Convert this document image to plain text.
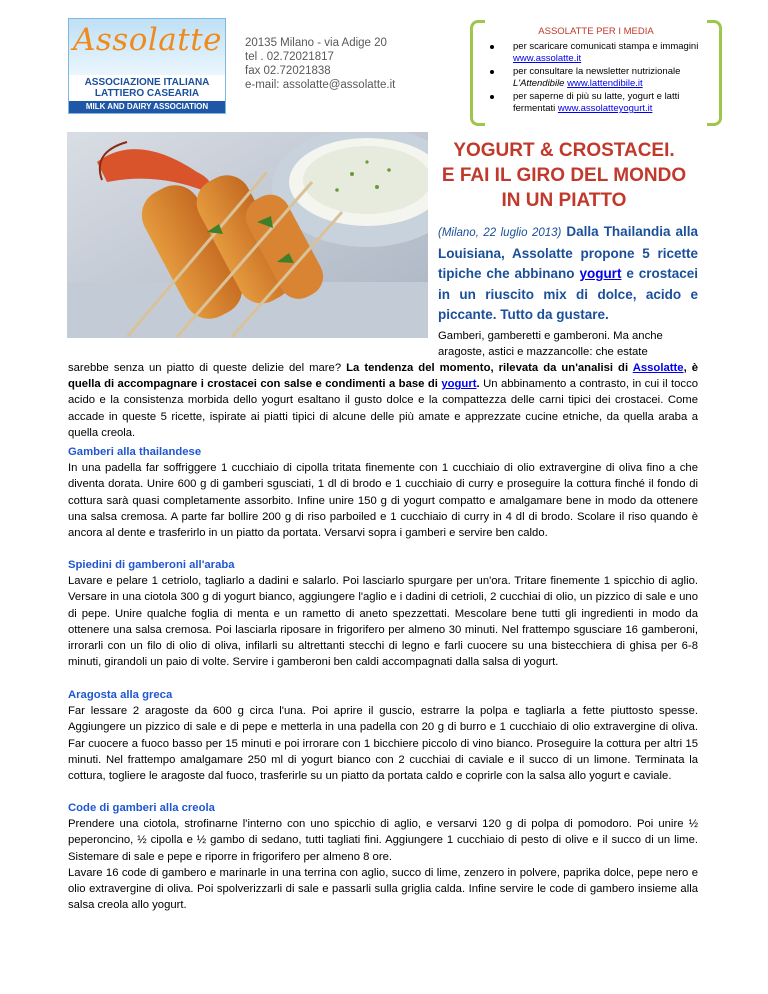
Assolatte
ASSOCIAZIONE ITALIANA
LATTIERO CASEARIA
MILK AND DAIRY ASSOCIATION
20135 Milano - via Adige 20
tel . 02.72021817
fax 02.72021838
e-mail: assolatte@assolatte.it
ASSOLATTE PER I MEDIA
per scaricare comunicati stampa e immagini www.assolatte.it
per consultare la newsletter nutrizionale L'Attendibile www.lattendibile.it
per saperne di più su latte, yogurt e latti fermentati www.assolatteyogurt.it
YOGURT & CROSTACEI.
E FAI IL GIRO DEL MONDO
IN UN PIATTO
(Milano, 22 luglio 2013) Dalla Thailandia alla Louisiana, Assolatte propone 5 ricette tipiche che abbinano yogurt e crostacei in un riuscito mix di dolce, acido e piccante. Tutto da gustare.
Gamberi, gamberetti e gamberoni. Ma anche
aragoste, astici e mazzancolle: che estate
sarebbe senza un piatto di queste delizie del mare? La tendenza del momento, rilevata da un'analisi di Assolatte, è quella di accompagnare i crostacei con salse e condimenti a base di yogurt. Un abbinamento a contrasto, in cui il tocco acido e la consistenza morbida dello yogurt esaltano il gusto dolce e la compattezza delle carni tipici dei crostacei. Come accade in queste 5 ricette, ispirate ai piatti tipici di alcune delle più amate e apprezzate cucine etniche, da quella araba a quella creola.
Gamberi alla thailandese
In una padella far soffriggere 1 cucchiaio di cipolla tritata finemente con 1 cucchiaio di olio extravergine di oliva fino a che diventa dorata. Unire 600 g di gamberi sgusciati, 1 dl di brodo e 1 cucchiaio di curry e proseguire la cottura finché il fondo di cottura sarà quasi completamente assorbito. Infine unire 150 g di yogurt compatto e amalgamare bene in modo da ottenere una salsa cremosa. A parte far bollire 200 g di riso parboiled e 1 cucchiaio di curry in 4 dl di brodo. Scolare il riso quando è ancora al dente e trasferirlo in un piatto da portata. Versarvi sopra i gamberi e servire ben caldo.
Spiedini di gamberoni all'araba
Lavare e pelare 1 cetriolo, tagliarlo a dadini e salarlo. Poi lasciarlo spurgare per un'ora. Tritare finemente 1 spicchio di aglio. Versare in una ciotola 300 g di yogurt bianco, aggiungere l'aglio e i dadini di cetrioli, 2 cucchiai di olio, un pizzico di sale e uno di pepe. Unire qualche foglia di menta e un rametto di aneto spezzettati. Mescolare bene tutti gli ingredienti in modo da ottenere una salsa cremosa. Poi lasciarla riposare in frigorifero per almeno 30 minuti. Nel frattempo sgusciare 16 gamberoni, irrorarli con un filo di olio di oliva, infilarli su altrettanti stecchi di legno e farli cuocere su una bistecchiera di ghisa per 6-8 minuti, girandoli un paio di volte. Servire i gamberoni ben caldi accompagnati dalla salsa di yogurt.
Aragosta alla greca
Far lessare 2 aragoste da 600 g circa l'una. Poi aprire il guscio, estrarre la polpa e tagliarla a fette piuttosto spesse. Aggiungere un pizzico di sale e di pepe e metterla in una padella con 20 g di burro e 1 cucchiaio di olio extravergine di oliva. Far cuocere a fuoco basso per 15 minuti e poi irrorare con 1 bicchiere piccolo di vino bianco. Proseguire la cottura per altri 15 minuti. Nel frattempo amalgamare 250 ml di yogurt bianco con 2 cucchiai di caviale e il succo di un limone. Terminata la cottura, togliere le aragoste dal fuoco, trasferirle su un piatto da portata caldo e coprirle con la salsa allo yogurt e caviale.
Code di gamberi alla creola
Prendere una ciotola, strofinarne l'interno con uno spicchio di aglio, e versarvi 120 g di polpa di pomodoro. Poi unire ½ peperoncino, ½ cipolla e ½ gambo di sedano, tutti tagliati fini. Aggiungere 1 cucchiaio di pesto di olive e il succo di un lime. Sistemare di sale e pepe e riporre in frigorifero per almeno 8 ore.
Lavare 16 code di gambero e marinarle in una terrina con aglio, succo di lime, zenzero in polvere, paprika dolce, pepe nero e olio extravergine di oliva. Poi spolverizzarli di sale e passarli sulla griglia calda. Infine servire le code di gambero insieme alla salsa creola allo yogurt.
